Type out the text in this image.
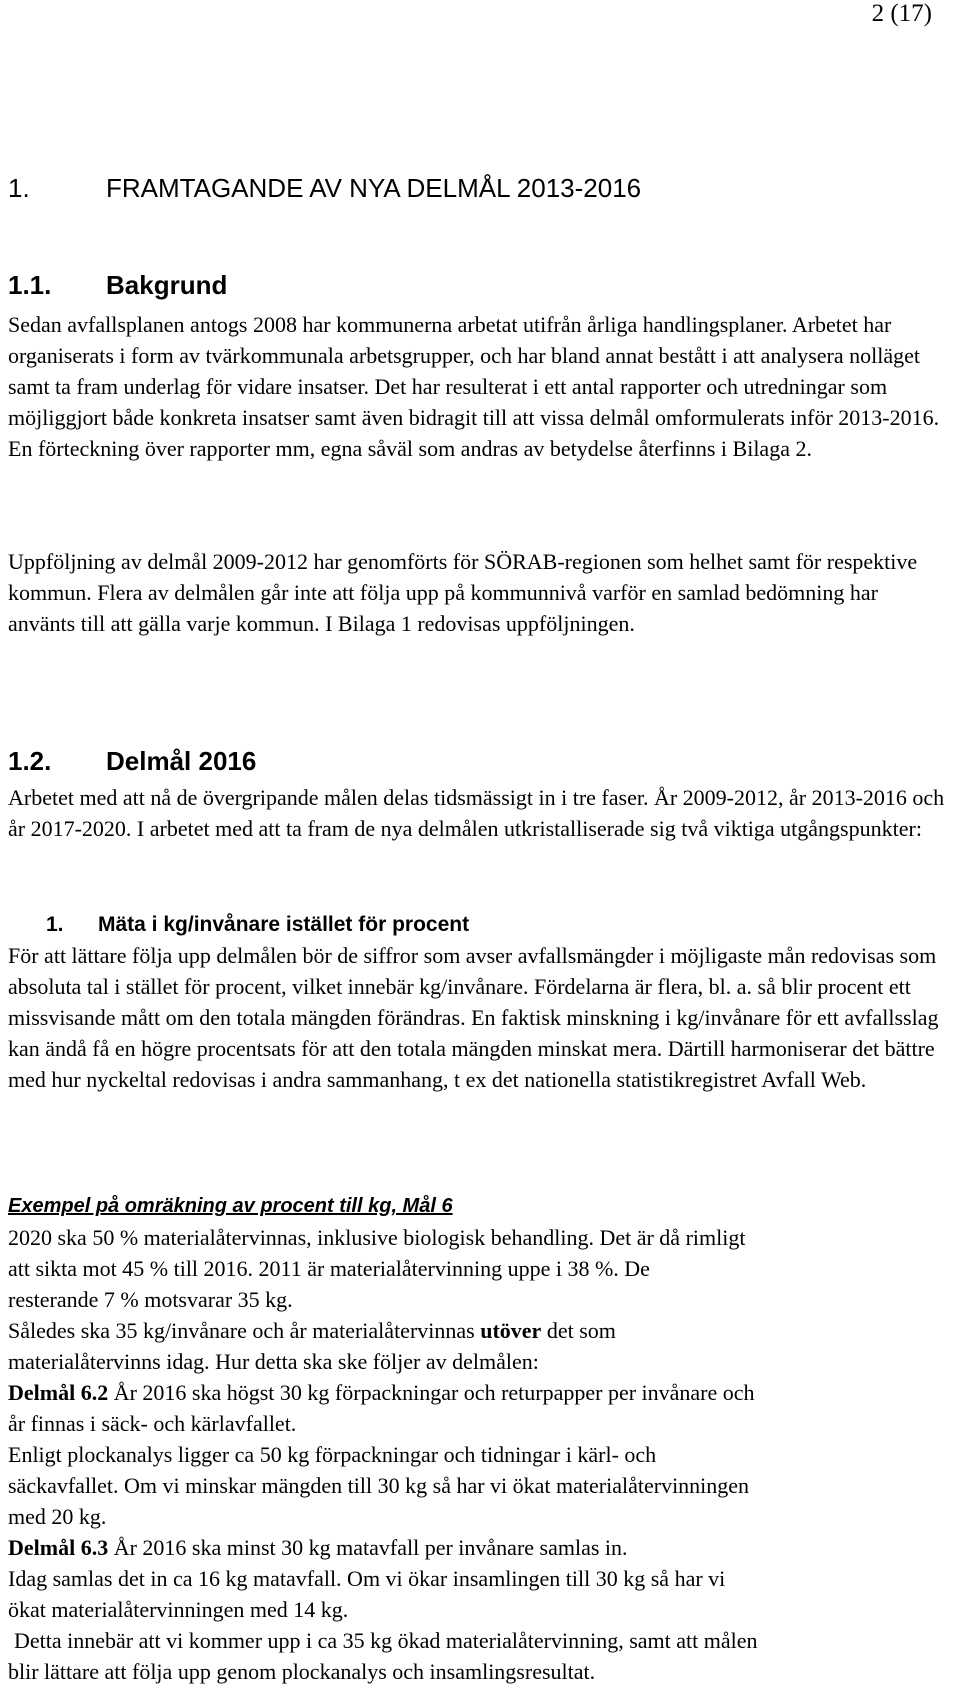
2 (17)
1.	FRAMTAGANDE AV NYA DELMÅL 2013-2016
1.1.	Bakgrund

Sedan avfallsplanen antogs 2008 har kommunerna arbetat utifrån årliga handlingsplaner. Arbetet har organiserats i form av tvärkommunala arbetsgrupper, och har bland annat bestått i att analysera nolläget samt ta fram underlag för vidare insatser. Det har resulterat i ett antal rapporter och utredningar som möjliggjort både konkreta insatser samt även bidragit till att vissa delmål omformulerats inför 2013-2016. En förteckning över rapporter mm, egna såväl som andras av betydelse återfinns i Bilaga 2.

Uppföljning av delmål 2009-2012 har genomförts för SÖRAB-regionen som helhet samt för respektive kommun. Flera av delmålen går inte att följa upp på kommunnivå varför en samlad bedömning har använts till att gälla varje kommun. I Bilaga 1 redovisas uppföljningen.

1.2.	Delmål 2016

Arbetet med att nå de övergripande målen delas tidsmässigt in i tre faser. År 2009-2012, år 2013-2016 och år 2017-2020. I arbetet med att ta fram de nya delmålen utkristalliserade sig två viktiga utgångspunkter:

1.	Mäta i kg/invånare istället för procent

För att lättare följa upp delmålen bör de siffror som avser avfallsmängder i möjligaste mån redovisas som absoluta tal i stället för procent, vilket innebär kg/invånare. Fördelarna är flera, bl. a. så blir procent ett missvisande mått om den totala mängden förändras. En faktisk minskning i kg/invånare för ett avfallsslag kan ändå få en högre procentsats för att den totala mängden minskat mera. Därtill harmoniserar det bättre med hur nyckeltal redovisas i andra sammanhang, t ex det nationella statistikregistret Avfall Web.

Exempel på omräkning av procent till kg, Mål 6
2020 ska 50 % materialåtervinnas, inklusive biologisk behandling. Det är då rimligt
att sikta mot 45 % till 2016. 2011 är materialåtervinning uppe i 38 %. De
resterande 7 % motsvarar 35 kg.
Således ska 35 kg/invånare och år materialåtervinnas utöver det som
materialåtervinns idag. Hur detta ska ske följer av delmålen:
Delmål 6.2 År 2016 ska högst 30 kg förpackningar och returpapper per invånare och
år finnas i säck- och kärlavfallet.
Enligt plockanalys ligger ca 50 kg förpackningar och tidningar i kärl- och
säckavfallet. Om vi minskar mängden till 30 kg så har vi ökat materialåtervinningen
med 20 kg.
Delmål 6.3 År 2016 ska minst 30 kg matavfall per invånare samlas in.
Idag samlas det in ca 16 kg matavfall. Om vi ökar insamlingen till 30 kg så har vi
ökat materialåtervinningen med 14 kg.
Detta innebär att vi kommer upp i ca 35 kg ökad materialåtervinning, samt att målen
blir lättare att följa upp genom plockanalys och insamlingsresultat.
